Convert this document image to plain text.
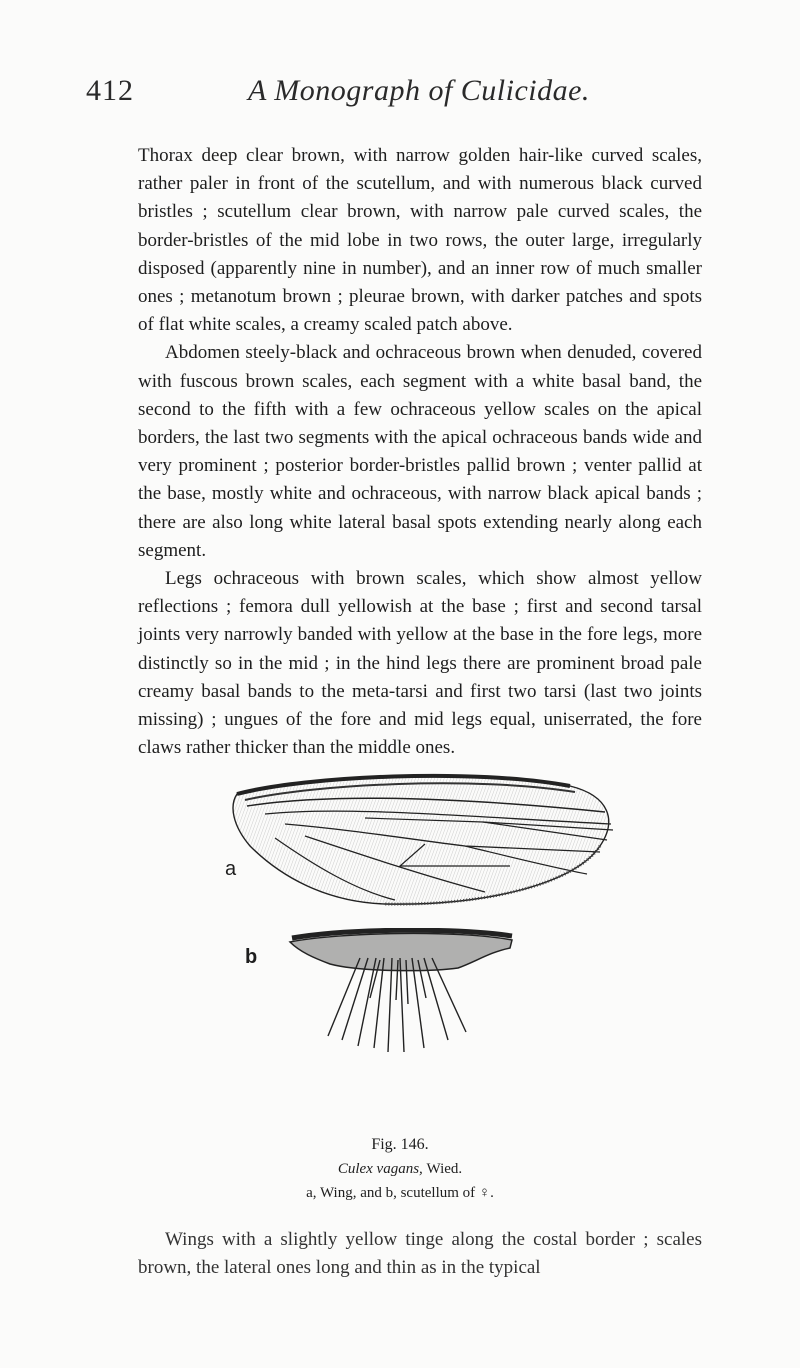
412	A Monograph of Culicidae.

Thorax deep clear brown, with narrow golden hair-like curved scales, rather paler in front of the scutellum, and with numerous black curved bristles ; scutellum clear brown, with narrow pale curved scales, the border-bristles of the mid lobe in two rows, the outer large, irregularly disposed (apparently nine in number), and an inner row of much smaller ones ; metanotum brown ; pleurae brown, with darker patches and spots of flat white scales, a creamy scaled patch above.

Abdomen steely-black and ochraceous brown when denuded, covered with fuscous brown scales, each segment with a white basal band, the second to the fifth with a few ochraceous yellow scales on the apical borders, the last two segments with the apical ochraceous bands wide and very prominent ; posterior border-bristles pallid brown ; venter pallid at the base, mostly white and ochraceous, with narrow black apical bands ; there are also long white lateral basal spots extending nearly along each segment.

Legs ochraceous with brown scales, which show almost yellow reflections ; femora dull yellowish at the base ; first and second tarsal joints very narrowly banded with yellow at the base in the fore legs, more distinctly so in the mid ; in the hind legs there are prominent broad pale creamy basal bands to the meta-tarsi and first two tarsi (last two joints missing) ; ungues of the fore and mid legs equal, uniserrated, the fore claws rather thicker than the middle ones.

a
b
Fig. 146.
Culex vagans, Wied.
a, Wing, and b, scutellum of ♀.

Wings with a slightly yellow tinge along the costal border ; scales brown, the lateral ones long and thin as in the typical
